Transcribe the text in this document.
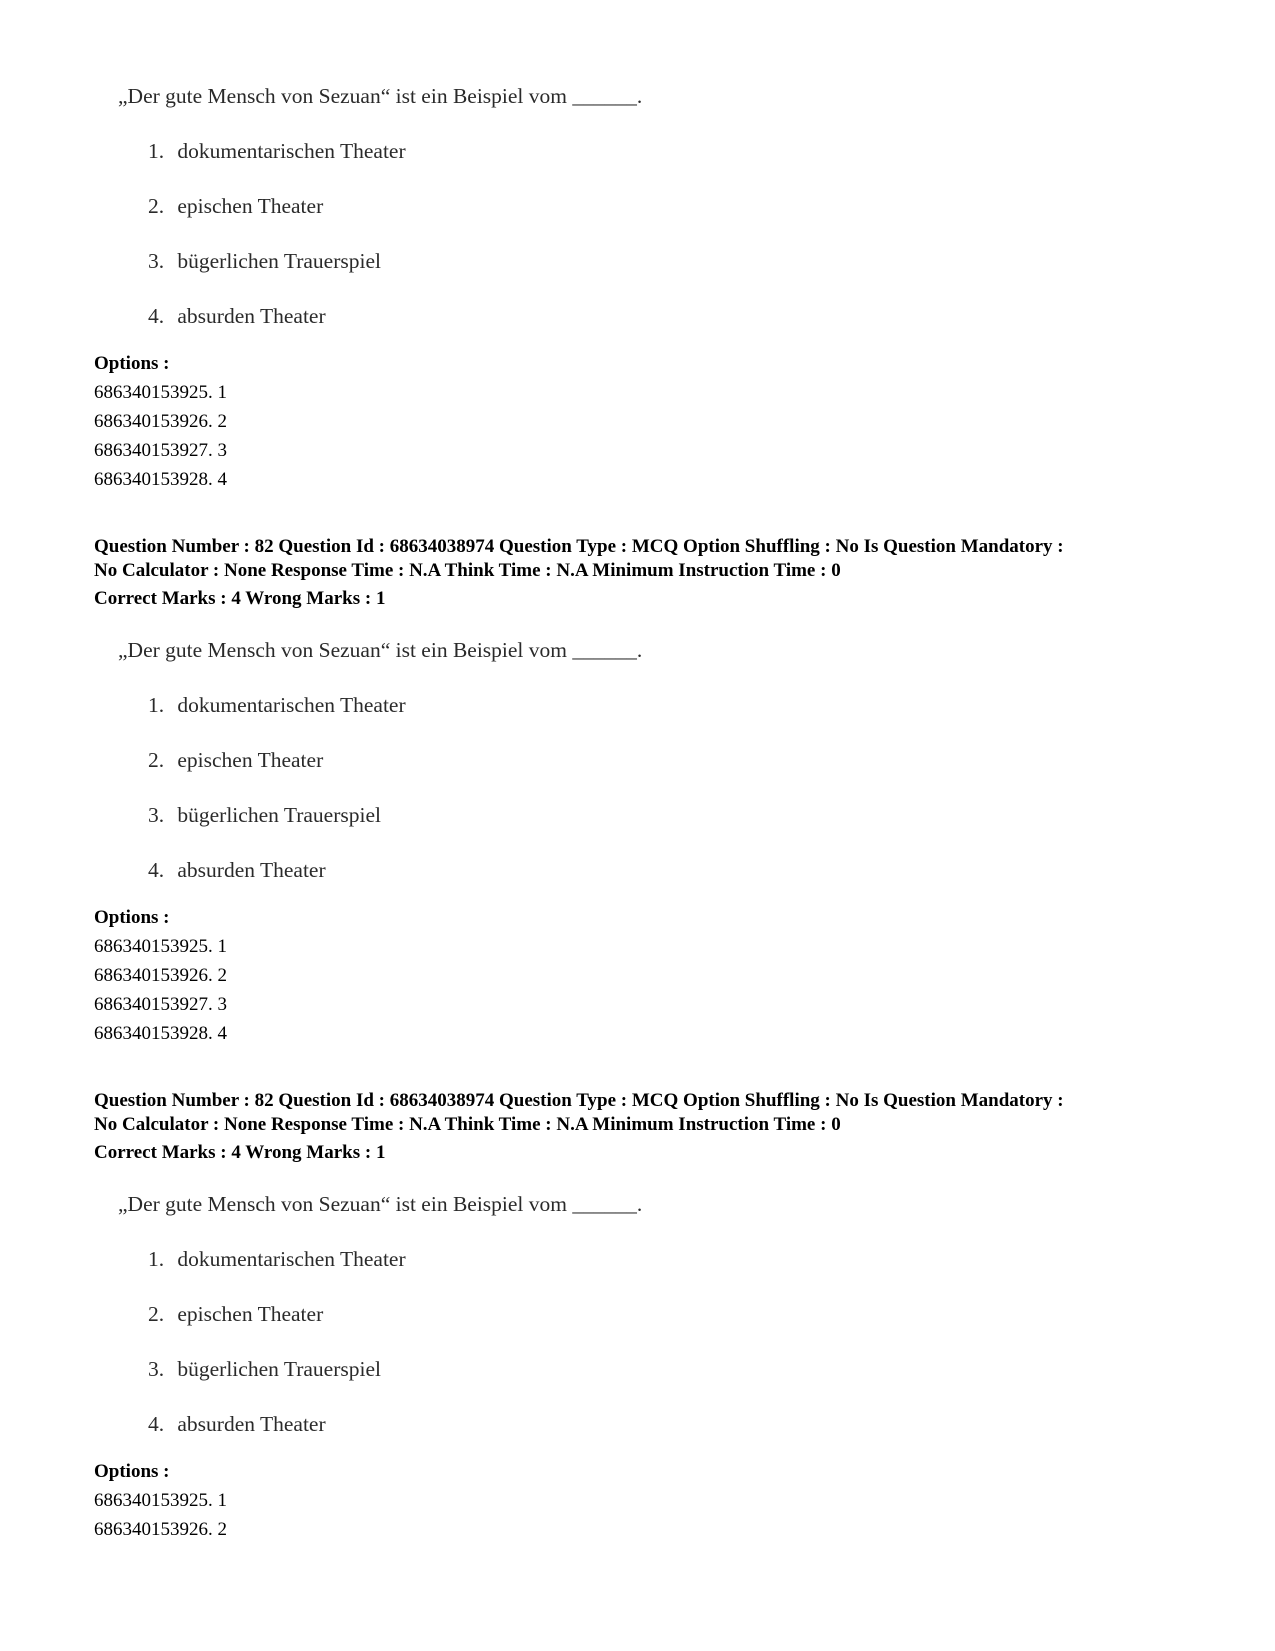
„Der gute Mensch von Sezuan“ ist ein Beispiel vom ______.
1. dokumentarischen Theater
2. epischen Theater
3. bügerlichen Trauerspiel
4. absurden Theater
Options :
686340153925. 1
686340153926. 2
686340153927. 3
686340153928. 4
Question Number : 82 Question Id : 68634038974 Question Type : MCQ Option Shuffling : No Is Question Mandatory :
No Calculator : None Response Time : N.A Think Time : N.A Minimum Instruction Time : 0
Correct Marks : 4 Wrong Marks : 1
„Der gute Mensch von Sezuan“ ist ein Beispiel vom ______.
1. dokumentarischen Theater
2. epischen Theater
3. bügerlichen Trauerspiel
4. absurden Theater
Options :
686340153925. 1
686340153926. 2
686340153927. 3
686340153928. 4
Question Number : 82 Question Id : 68634038974 Question Type : MCQ Option Shuffling : No Is Question Mandatory :
No Calculator : None Response Time : N.A Think Time : N.A Minimum Instruction Time : 0
Correct Marks : 4 Wrong Marks : 1
„Der gute Mensch von Sezuan“ ist ein Beispiel vom ______.
1. dokumentarischen Theater
2. epischen Theater
3. bügerlichen Trauerspiel
4. absurden Theater
Options :
686340153925. 1
686340153926. 2
